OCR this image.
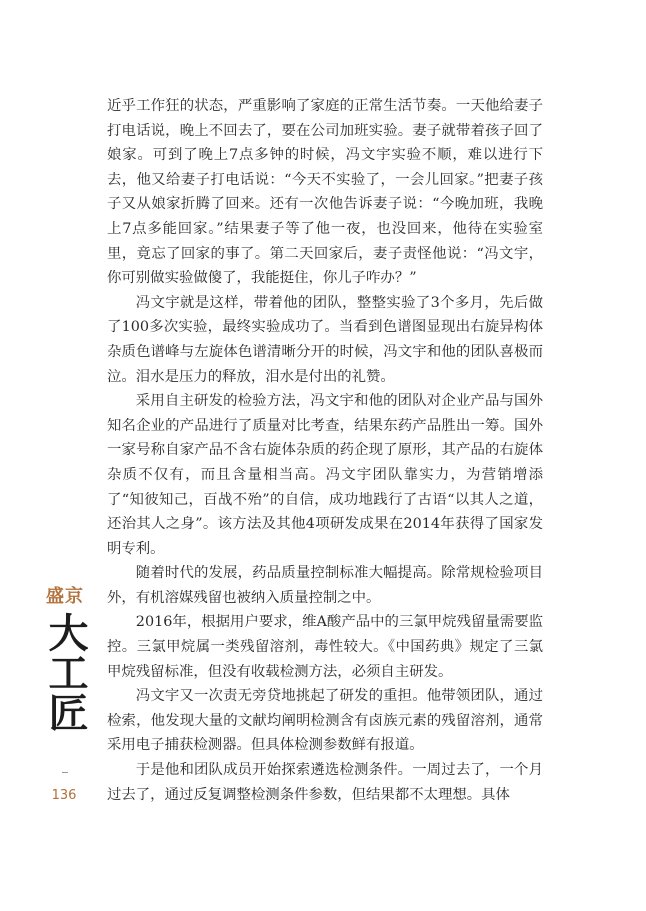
近乎工作狂的状态，严重影响了家庭的正常生活节奏。一天他给妻子打电话说，晚上不回去了，要在公司加班实验。妻子就带着孩子回了娘家。可到了晚上7点多钟的时候，冯文宇实验不顺，难以进行下去，他又给妻子打电话说：“今天不实验了，一会儿回家。”把妻子孩子又从娘家折腾了回来。还有一次他告诉妻子说：“今晚加班，我晚上7点多能回家。”结果妻子等了他一夜，也没回来，他待在实验室里，竟忘了回家的事了。第二天回家后，妻子责怪他说：“冯文宇，你可别做实验做傻了，我能挺住，你儿子咋办？”

冯文宇就是这样，带着他的团队，整整实验了3个多月，先后做了100多次实验，最终实验成功了。当看到色谱图显现出右旋异构体杂质色谱峰与左旋体色谱清晰分开的时候，冯文宇和他的团队喜极而泣。泪水是压力的释放，泪水是付出的礼赞。

采用自主研发的检验方法，冯文宇和他的团队对企业产品与国外知名企业的产品进行了质量对比考查，结果东药产品胜出一筹。国外一家号称自家产品不含右旋体杂质的药企现了原形，其产品的右旋体杂质不仅有，而且含量相当高。冯文宇团队靠实力，为营销增添了“知彼知己，百战不殆”的自信，成功地践行了古语“以其人之道，还治其人之身”。该方法及其他4项研发成果在2014年获得了国家发明专利。

随着时代的发展，药品质量控制标准大幅提高。除常规检验项目外，有机溶媒残留也被纳入质量控制之中。

2016年，根据用户要求，维A酸产品中的三氯甲烷残留量需要监控。三氯甲烷属一类残留溶剂，毒性较大。《中国药典》规定了三氯甲烷残留标准，但没有收载检测方法，必须自主研发。

冯文宇又一次责无旁贷地挑起了研发的重担。他带领团队，通过检索，他发现大量的文献均阐明检测含有卤族元素的残留溶剂，通常采用电子捕获检测器。但具体检测参数鲜有报道。

于是他和团队成员开始探索遴选检测条件。一周过去了，一个月过去了，通过反复调整检测条件参数，但结果都不太理想。具体

盛京
大工匠
136
